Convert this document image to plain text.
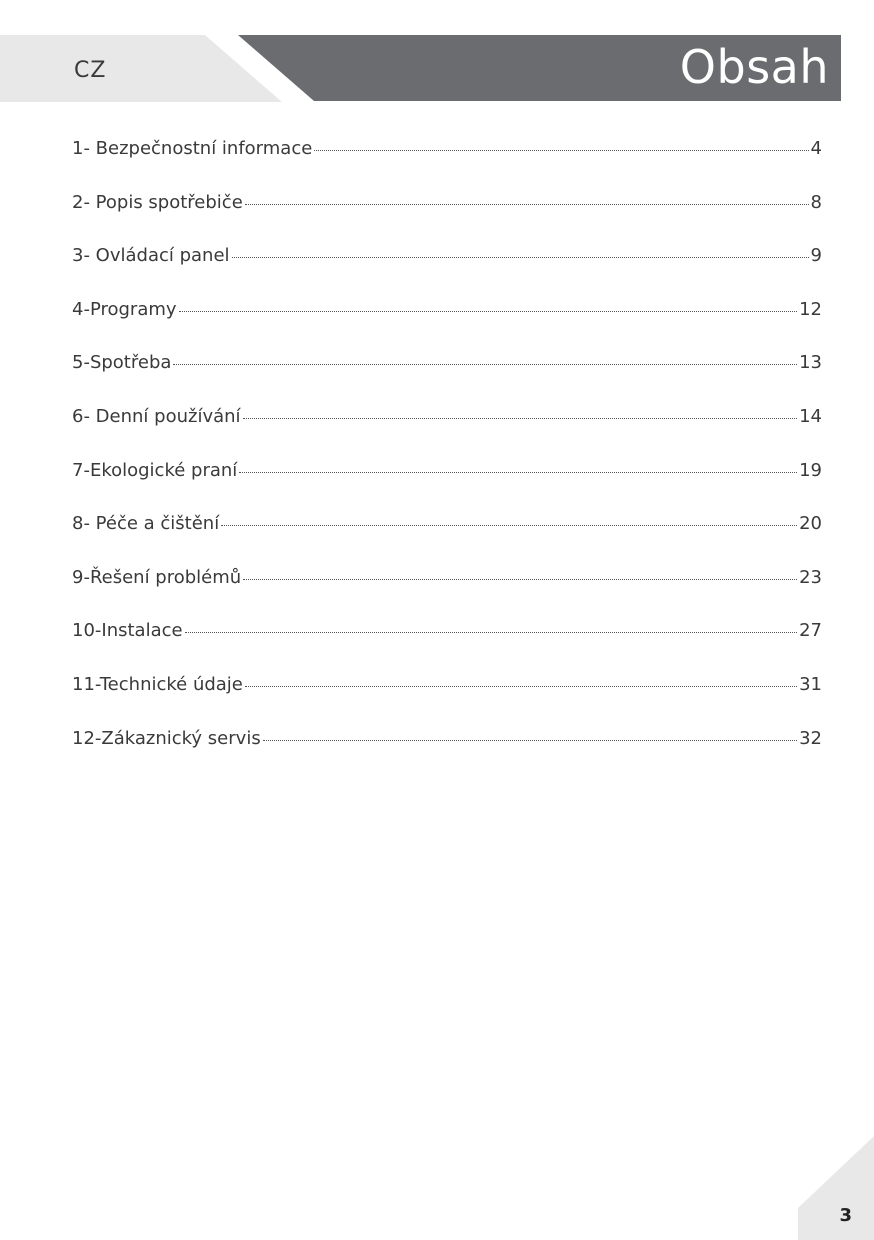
CZ	Obsah
1- Bezpečnostní informace	4
2- Popis spotřebiče	8
3- Ovládací panel	9
4-Programy	12
5-Spotřeba	13
6- Denní používání	14
7-Ekologické praní	19
8- Péče a čištění	20
9-Řešení problémů	23
10-Instalace	27
11-Technické údaje	31
12-Zákaznický servis	32
3
